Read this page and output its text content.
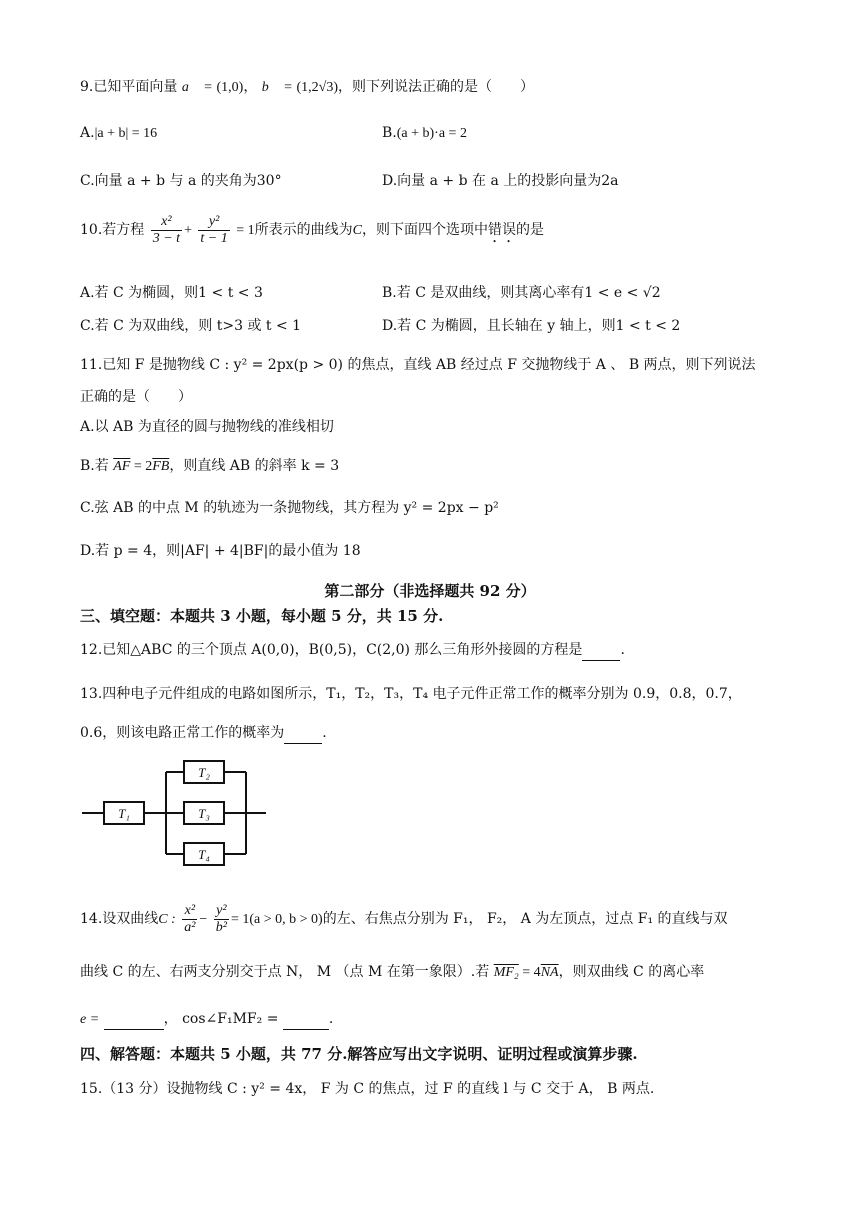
9.已知平面向量 a⃗ = (1,0)， b⃗ = (1,2√3)，则下列说法正确的是（　　）
A.|a + b| = 16	B.(a + b)·a = 2
C.向量 a + b 与 a 的夹角为30°	D.向量 a + b 在 a 上的投影向量为2a
10.若方程 $\frac{\text{x²}}{3 - t} + \frac{\text{y²}}{t - 1} = 1$所表示的曲线为C，则下面四个选项中错误的是
A.若 C 为椭圆，则1 < t < 3	B.若 C 是双曲线，则其离心率有1 < e < √2
C.若 C 为双曲线，则 t>3 或 t < 1	D.若 C 为椭圆，且长轴在 y 轴上，则1 < t < 2
11.已知 F 是抛物线 C : y² = 2px(p > 0) 的焦点，直线 AB 经过点 F 交抛物线于 A 、 B 两点，则下列说法
正确的是（　　）
A.以 AB 为直径的圆与抛物线的准线相切
B.若 $\overline{AF} = 2\overline{FB}$，则直线 AB 的斜率 k = 3
C.弦 AB 的中点 M 的轨迹为一条抛物线，其方程为 y² = 2px − p²
D.若 p = 4，则|AF| + 4|BF|的最小值为 18
第二部分（非选择题共 92 分）
三、填空题：本题共 3 小题，每小题 5 分，共 15 分.
12.已知△ABC 的三个顶点 A(0,0)，B(0,5)，C(2,0) 那么三角形外接圆的方程是	.
13.四种电子元件组成的电路如图所示，T₁，T₂，T₃，T₄ 电子元件正常工作的概率分别为 0.9，0.8，0.7，
0.6，则该电路正常工作的概率为	.
T₁
T₂
T₃
T₄
14.设双曲线C : $\frac{\text{x²}}{\text{a²}} - \frac{\text{y²}}{\text{b²}} = 1(a > 0$, b > 0)的左、右焦点分别为 F₁， F₂， A 为左顶点，过点 F₁ 的直线与双
曲线 C 的左、右两支分别交于点 N， M （点 M 在第一象限）.若 $MF_2 = 4\overline{NA}$，则双曲线 C 的离心率
e =	， cos∠F₁MF₂ =	.
四、解答题：本题共 5 小题，共 77 分.解答应写出文字说明、证明过程或演算步骤.
15.（13 分）设抛物线 C : y² = 4x， F 为 C 的焦点，过 F 的直线 l 与 C 交于 A， B 两点.
